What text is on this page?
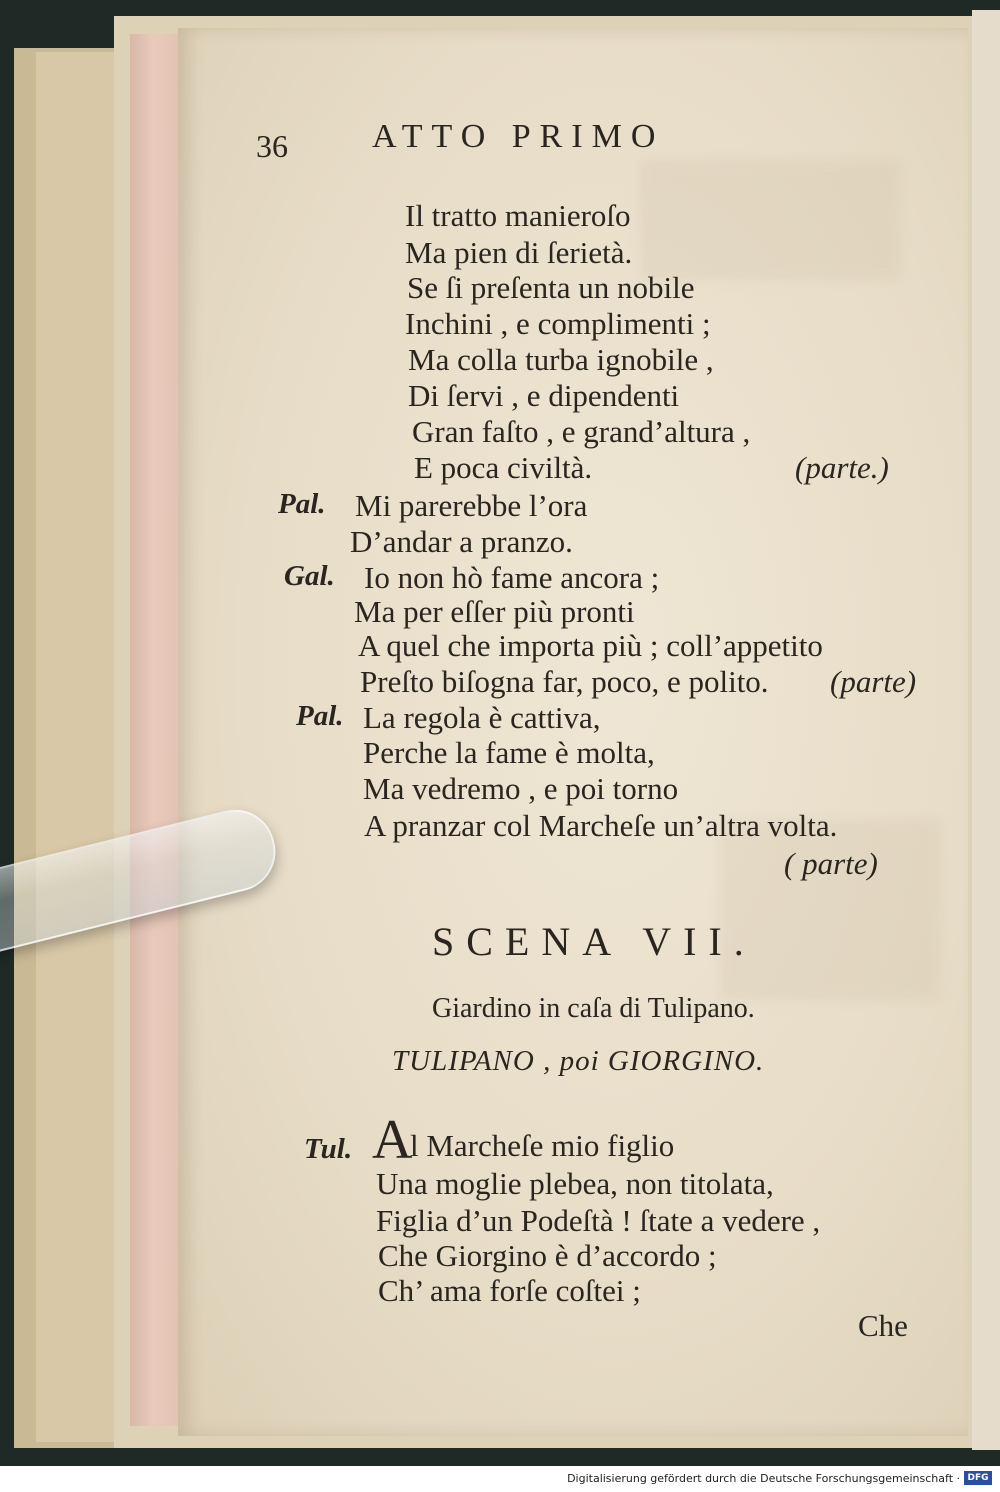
36 ATTO PRIMO
Il tratto manieroſo
Ma pien di ſerietà.
Se ſi preſenta un nobile
Inchini , e complimenti ;
Ma colla turba ignobile ,
Di ſervi , e dipendenti
Gran faſto , e grand’altura ,
E poca civiltà.	(parte.)
Pal. Mi parerebbe l’ora
D’andar a pranzo.
Gal. Io non hò fame ancora ;
Ma per eſſer più pronti
A quel che importa più ; coll’appetito
Preſto biſogna far, poco, e polito. (parte)
Pal. La regola è cattiva,
Perche la fame è molta,
Ma vedremo , e poi torno
A pranzar col Marcheſe un’altra volta.
( parte)
SCENA VII.
Giardino in caſa di Tulipano.
TULIPANO , poi GIORGINO.
Tul. A
l Marcheſe mio figlio
Una moglie plebea, non titolata,
Figlia d’un Podeſtà ! ſtate a vedere ,
Che Giorgino è d’accordo ;
Ch’ ama forſe coſtei ;
Che
Digitalisierung gefördert durch die Deutsche Forschungsgemeinschaft · DFG
